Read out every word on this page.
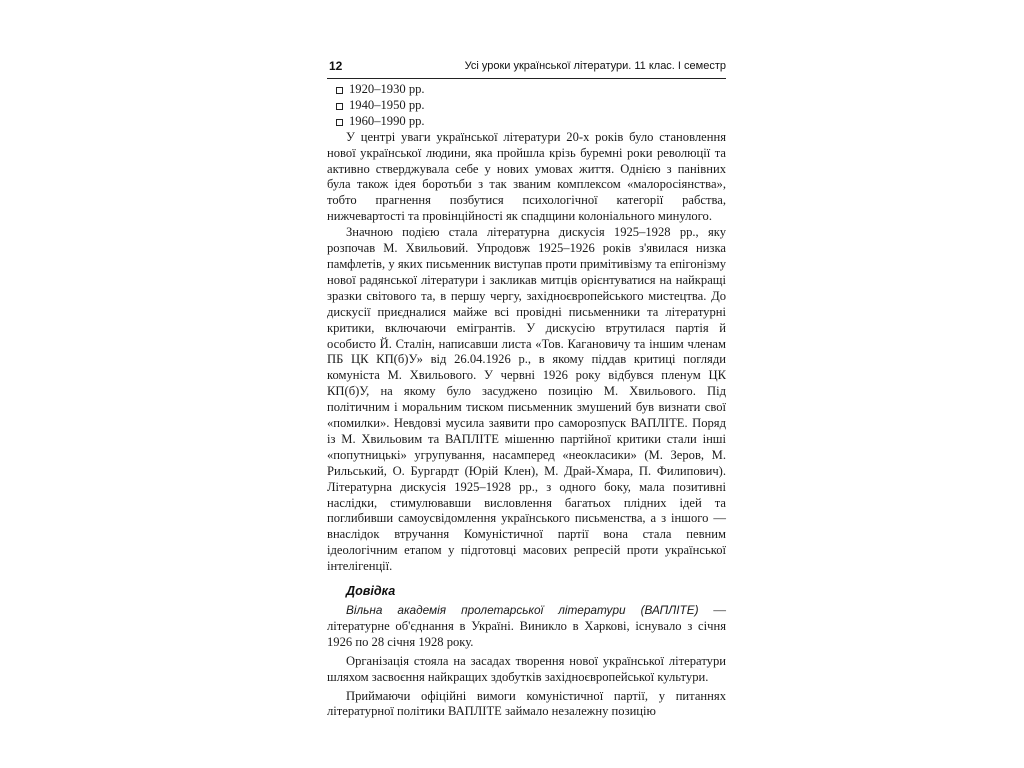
12	Усі уроки української літератури. 11 клас. I семестр
1920–1930 рр.
1940–1950 рр.
1960–1990 рр.

У центрі уваги української літератури 20-х років було становлення нової української людини, яка пройшла крізь буремні роки революції та активно стверджувала себе у нових умовах життя. Однією з панівних була також ідея боротьби з так званим комплексом «малоросіянства», тобто прагнення позбутися психологічної категорії рабства, нижчевартості та провінційності як спадщини колоніального минулого.

Значною подією стала літературна дискусія 1925–1928 рр., яку розпочав М. Хвильовий. Упродовж 1925–1926 років з'явилася низка памфлетів, у яких письменник виступав проти примітивізму та епігонізму нової радянської літератури і закликав митців орієнтуватися на найкращі зразки світового та, в першу чергу, західноєвропейського мистецтва. До дискусії приєдналися майже всі провідні письменники та літературні критики, включаючи емігрантів. У дискусію втрутилася партія й особисто Й. Сталін, написавши листа «Тов. Кагановичу та іншим членам ПБ ЦК КП(б)У» від 26.04.1926 р., в якому піддав критиці погляди комуніста М. Хвильового. У червні 1926 року відбувся пленум ЦК КП(б)У, на якому було засуджено позицію М. Хвильового. Під політичним і моральним тиском письменник змушений був визнати свої «помилки». Невдовзі мусила заявити про саморозпуск ВАПЛІТЕ. Поряд із М. Хвильовим та ВАПЛІТЕ мішенню партійної критики стали інші «попутницькі» угрупування, насамперед «неокласики» (М. Зеров, М. Рильський, О. Бургардт (Юрій Клен), М. Драй-Хмара, П. Филипович). Літературна дискусія 1925–1928 рр., з одного боку, мала позитивні наслідки, стимулювавши висловлення багатьох плідних ідей та поглибивши самоусвідомлення українського письменства, а з іншого — внаслідок втручання Комуністичної партії вона стала певним ідеологічним етапом у підготовці масових репресій проти української інтелігенції.

Довідка

Вільна академія пролетарської літератури (ВАПЛІТЕ) — літературне об'єднання в Україні. Виникло в Харкові, існувало з січня 1926 по 28 січня 1928 року.

Організація стояла на засадах творення нової української літератури шляхом засвоєння найкращих здобутків західноєвропейської культури.

Приймаючи офіційні вимоги комуністичної партії, у питаннях літературної політики ВАПЛІТЕ займало незалежну позицію
